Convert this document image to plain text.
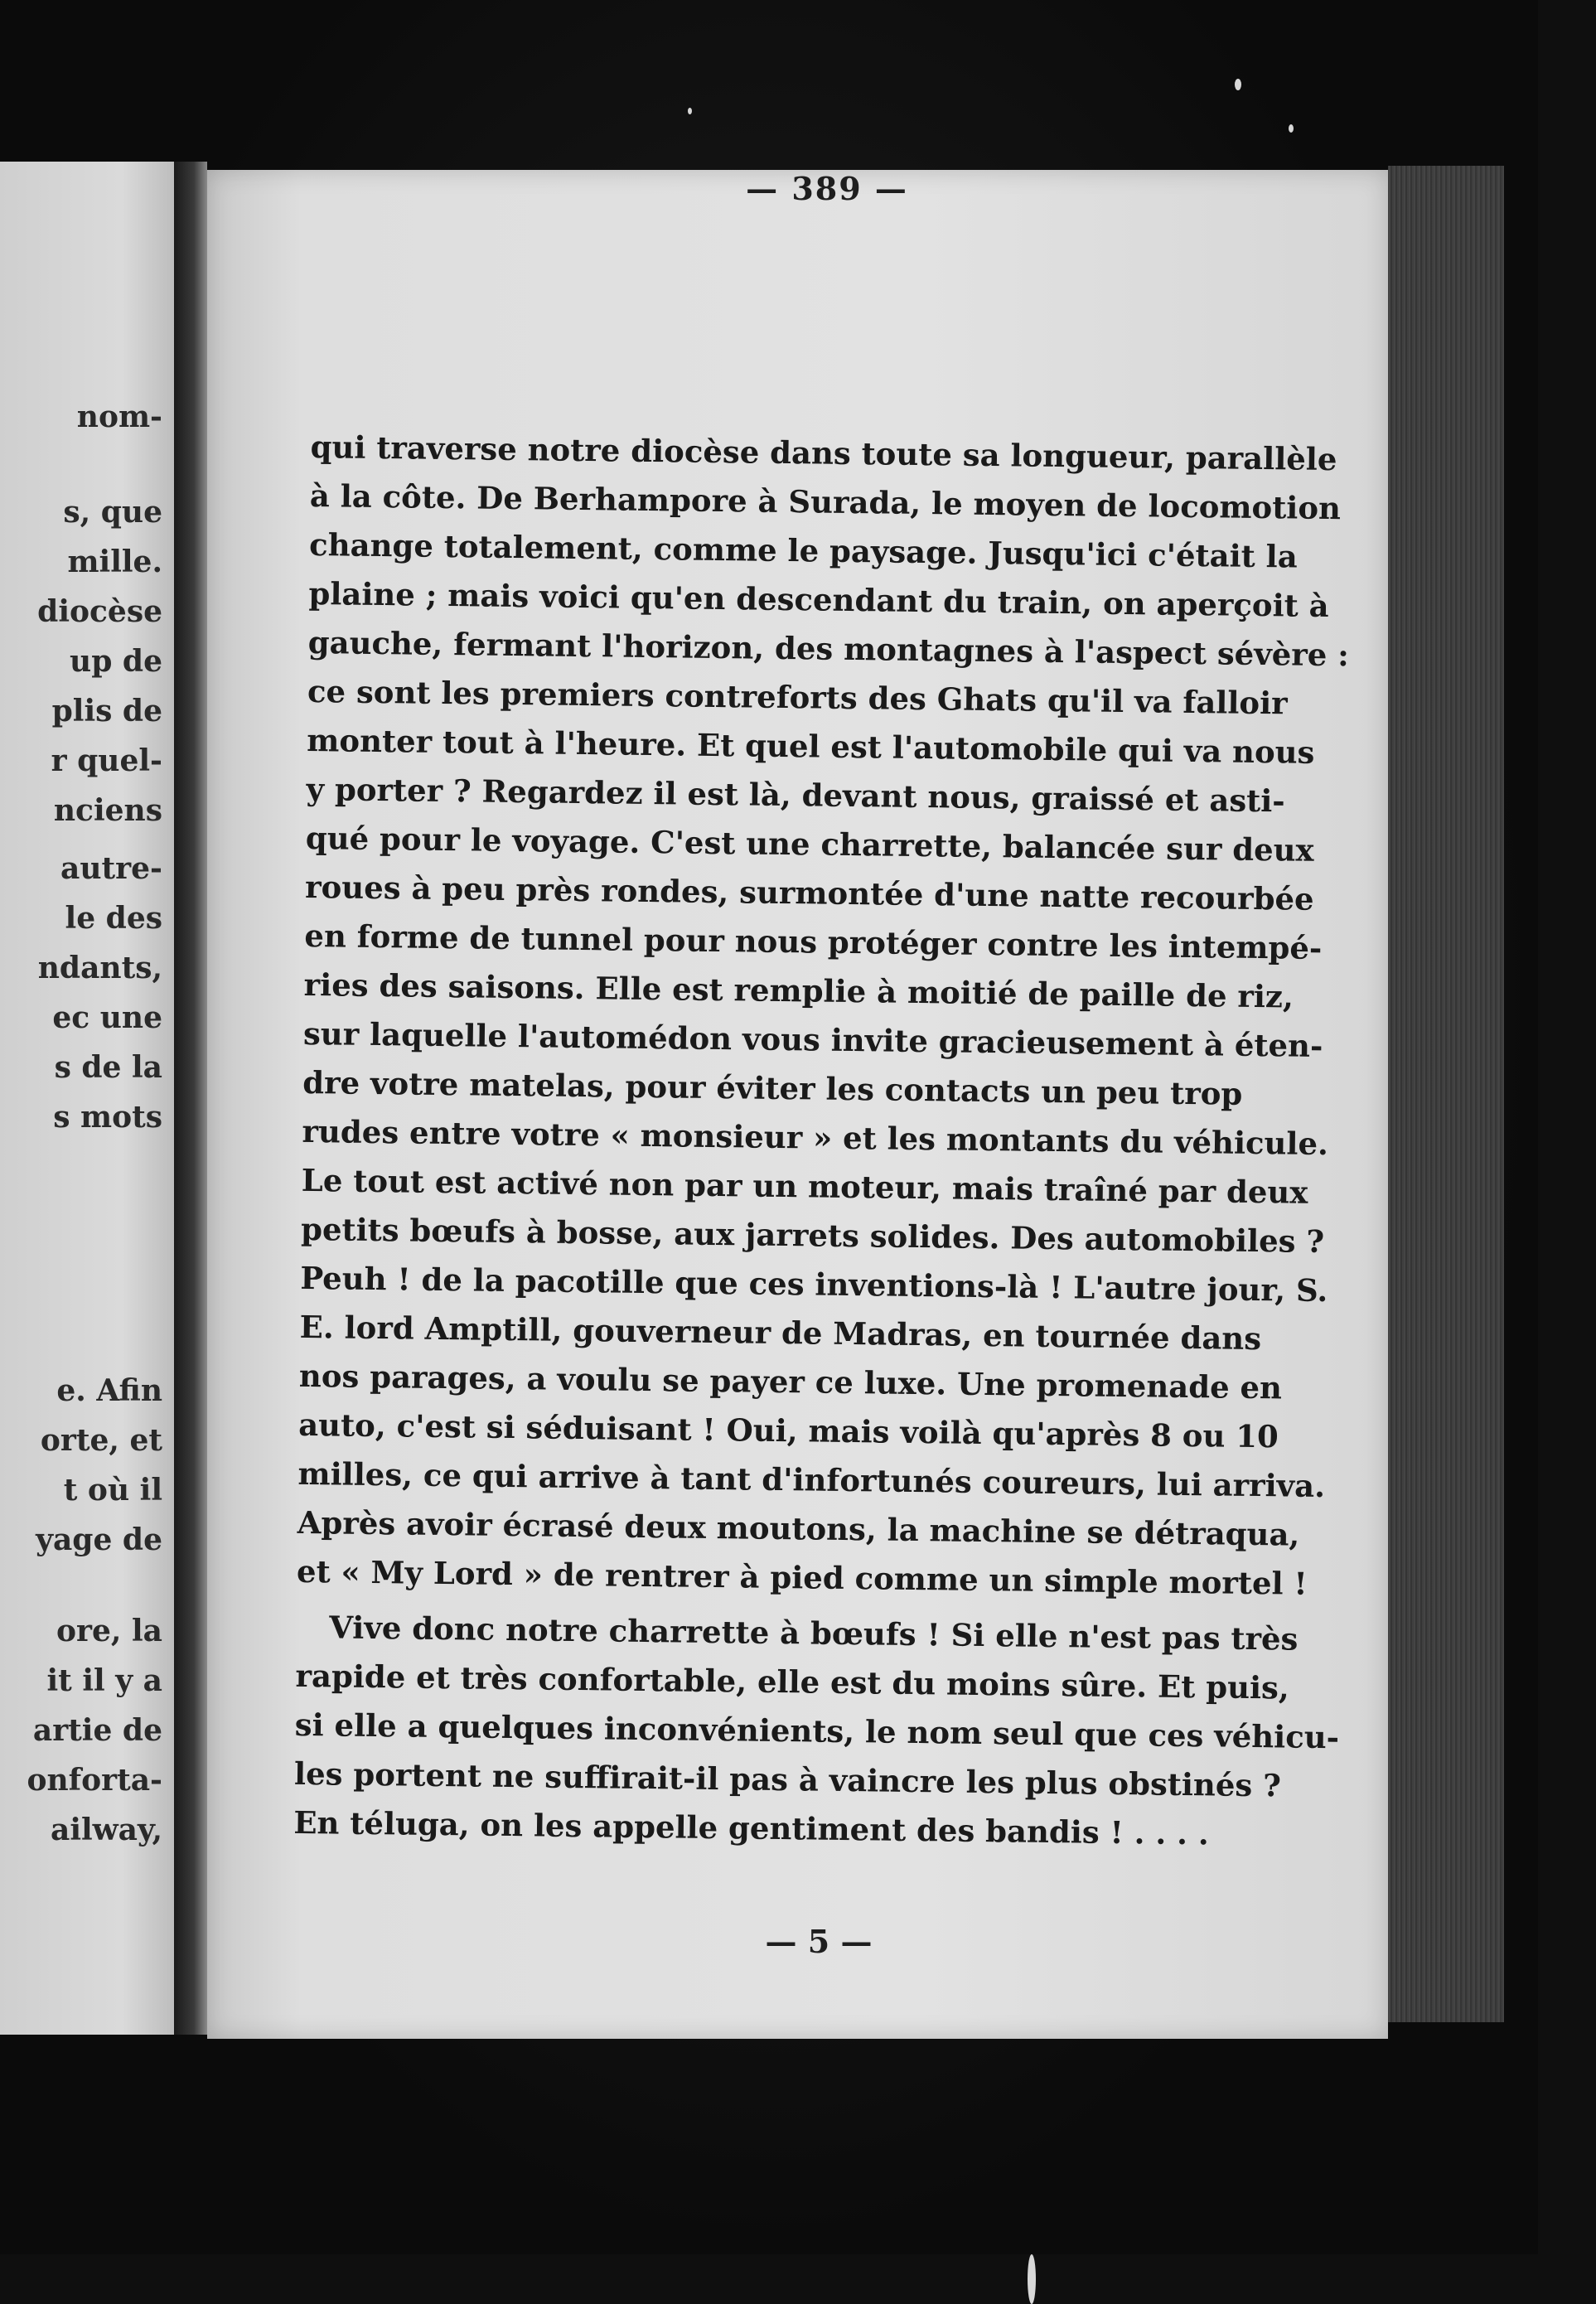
nom-
s, que
mille.
diocèse
up de
plis de
r quel-
nciens
autre-
le des
ndants,
ec une
s de la
s mots
e. Afin
orte, et
t où il
yage de
ore, la
it il y a
artie de
onforta-
ailway,
— 389 —
qui traverse notre diocèse dans toute sa longueur, parallèle
à la côte. De Berhampore à Surada, le moyen de locomotion
change totalement, comme le paysage. Jusqu'ici c'était la
plaine ; mais voici qu'en descendant du train, on aperçoit à
gauche, fermant l'horizon, des montagnes à l'aspect sévère :
ce sont les premiers contreforts des Ghats qu'il va falloir
monter tout à l'heure. Et quel est l'automobile qui va nous
y porter ? Regardez il est là, devant nous, graissé et asti-
qué pour le voyage. C'est une charrette, balancée sur deux
roues à peu près rondes, surmontée d'une natte recourbée
en forme de tunnel pour nous protéger contre les intempé-
ries des saisons. Elle est remplie à moitié de paille de riz,
sur laquelle l'automédon vous invite gracieusement à éten-
dre votre matelas, pour éviter les contacts un peu trop
rudes entre votre « monsieur » et les montants du véhicule.
Le tout est activé non par un moteur, mais traîné par deux
petits bœufs à bosse, aux jarrets solides. Des automobiles ?
Peuh ! de la pacotille que ces inventions-là ! L'autre jour, S.
E. lord Amptill, gouverneur de Madras, en tournée dans
nos parages, a voulu se payer ce luxe. Une promenade en
auto, c'est si séduisant ! Oui, mais voilà qu'après 8 ou 10
milles, ce qui arrive à tant d'infortunés coureurs, lui arriva.
Après avoir écrasé deux moutons, la machine se détraqua,
et « My Lord » de rentrer à pied comme un simple mortel !
Vive donc notre charrette à bœufs ! Si elle n'est pas très
rapide et très confortable, elle est du moins sûre. Et puis,
si elle a quelques inconvénients, le nom seul que ces véhicu-
les portent ne suffirait-il pas à vaincre les plus obstinés ?
En téluga, on les appelle gentiment des bandis ! . . . .
— 5 —
